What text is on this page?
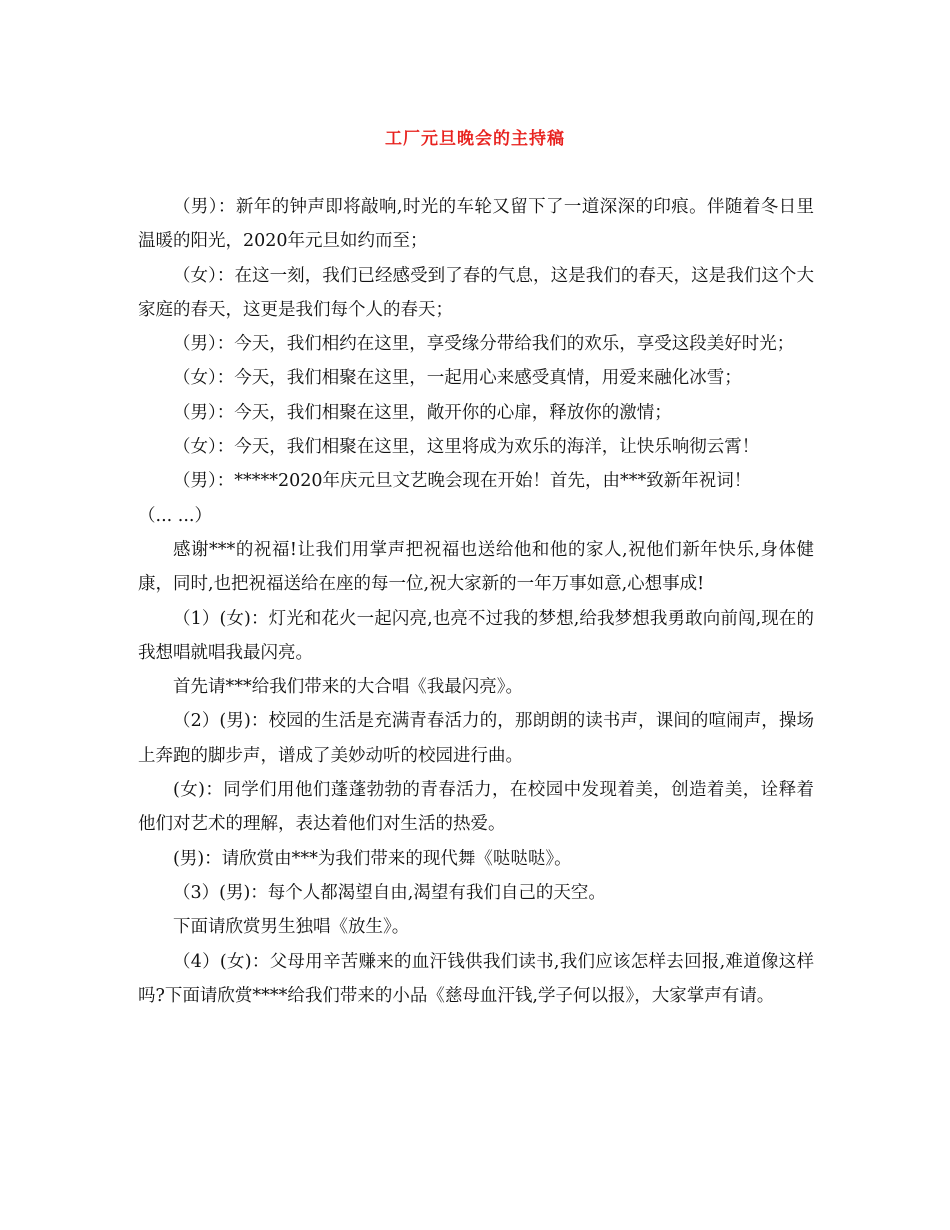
工厂元旦晚会的主持稿

（男）：新年的钟声即将敲响,时光的车轮又留下了一道深深的印痕。伴随着冬日里温暖的阳光，2020年元旦如约而至；

（女）：在这一刻，我们已经感受到了春的气息，这是我们的春天，这是我们这个大家庭的春天，这更是我们每个人的春天；

（男）：今天，我们相约在这里，享受缘分带给我们的欢乐，享受这段美好时光；

（女）：今天，我们相聚在这里，一起用心来感受真情，用爱来融化冰雪；

（男）：今天，我们相聚在这里，敞开你的心扉，释放你的激情；

（女）：今天，我们相聚在这里，这里将成为欢乐的海洋，让快乐响彻云霄！

（男）：*****2020年庆元旦文艺晚会现在开始！首先，由***致新年祝词！

（... ...）

感谢***的祝福!让我们用掌声把祝福也送给他和他的家人,祝他们新年快乐,身体健康，同时,也把祝福送给在座的每一位,祝大家新的一年万事如意,心想事成!

（1）(女)：灯光和花火一起闪亮,也亮不过我的梦想,给我梦想我勇敢向前闯,现在的我想唱就唱我最闪亮。

首先请***给我们带来的大合唱《我最闪亮》。

（2）(男)：校园的生活是充满青春活力的，那朗朗的读书声，课间的喧闹声，操场上奔跑的脚步声，谱成了美妙动听的校园进行曲。

(女)：同学们用他们蓬蓬勃勃的青春活力，在校园中发现着美，创造着美，诠释着他们对艺术的理解，表达着他们对生活的热爱。

(男)：请欣赏由***为我们带来的现代舞《哒哒哒》。

（3）(男)：每个人都渴望自由,渴望有我们自己的天空。

下面请欣赏男生独唱《放生》。

（4）(女)：父母用辛苦赚来的血汗钱供我们读书,我们应该怎样去回报,难道像这样吗?下面请欣赏****给我们带来的小品《慈母血汗钱,学子何以报》，大家掌声有请。
